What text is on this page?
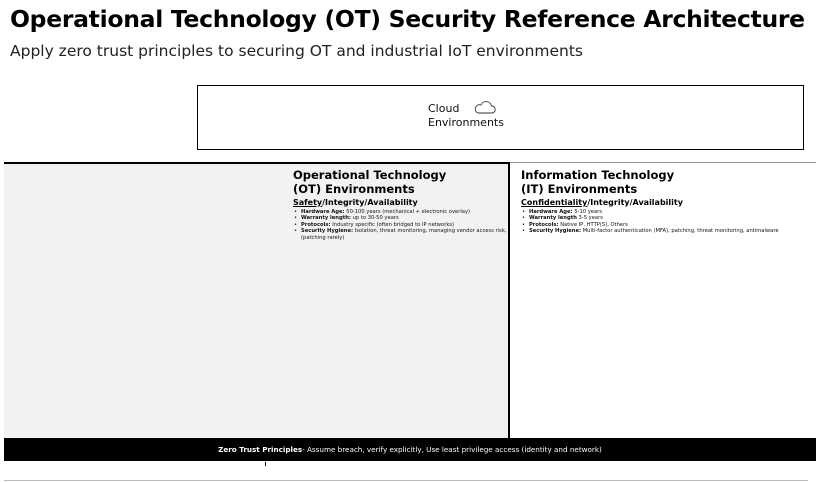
Operational Technology (OT) Security Reference Architecture
Apply zero trust principles to securing OT and industrial IoT environments
Cloud
Environments
Operational Technology
(OT) Environments
Safety/Integrity/Availability
• Hardware Age: 50-100 years (mechanical + electronic overlay)
• Warranty length: up to 30-50 years
• Protocols: Industry specific (often bridged to IP networks)
• Security Hygiene: Isolation, threat monitoring, managing vendor access risk, (patching rarely)
Information Technology
(IT) Environments
Confidentiality/Integrity/Availability
• Hardware Age: 5-10 years
• Warranty length 3-5 years
• Protocols: Native IP, HTTP(S), Others
• Security Hygiene: Multi-factor authentication (MFA), patching, threat monitoring, antimalware
Zero Trust Principles - Assume breach, verify explicitly, Use least privilege access (identity and network)
